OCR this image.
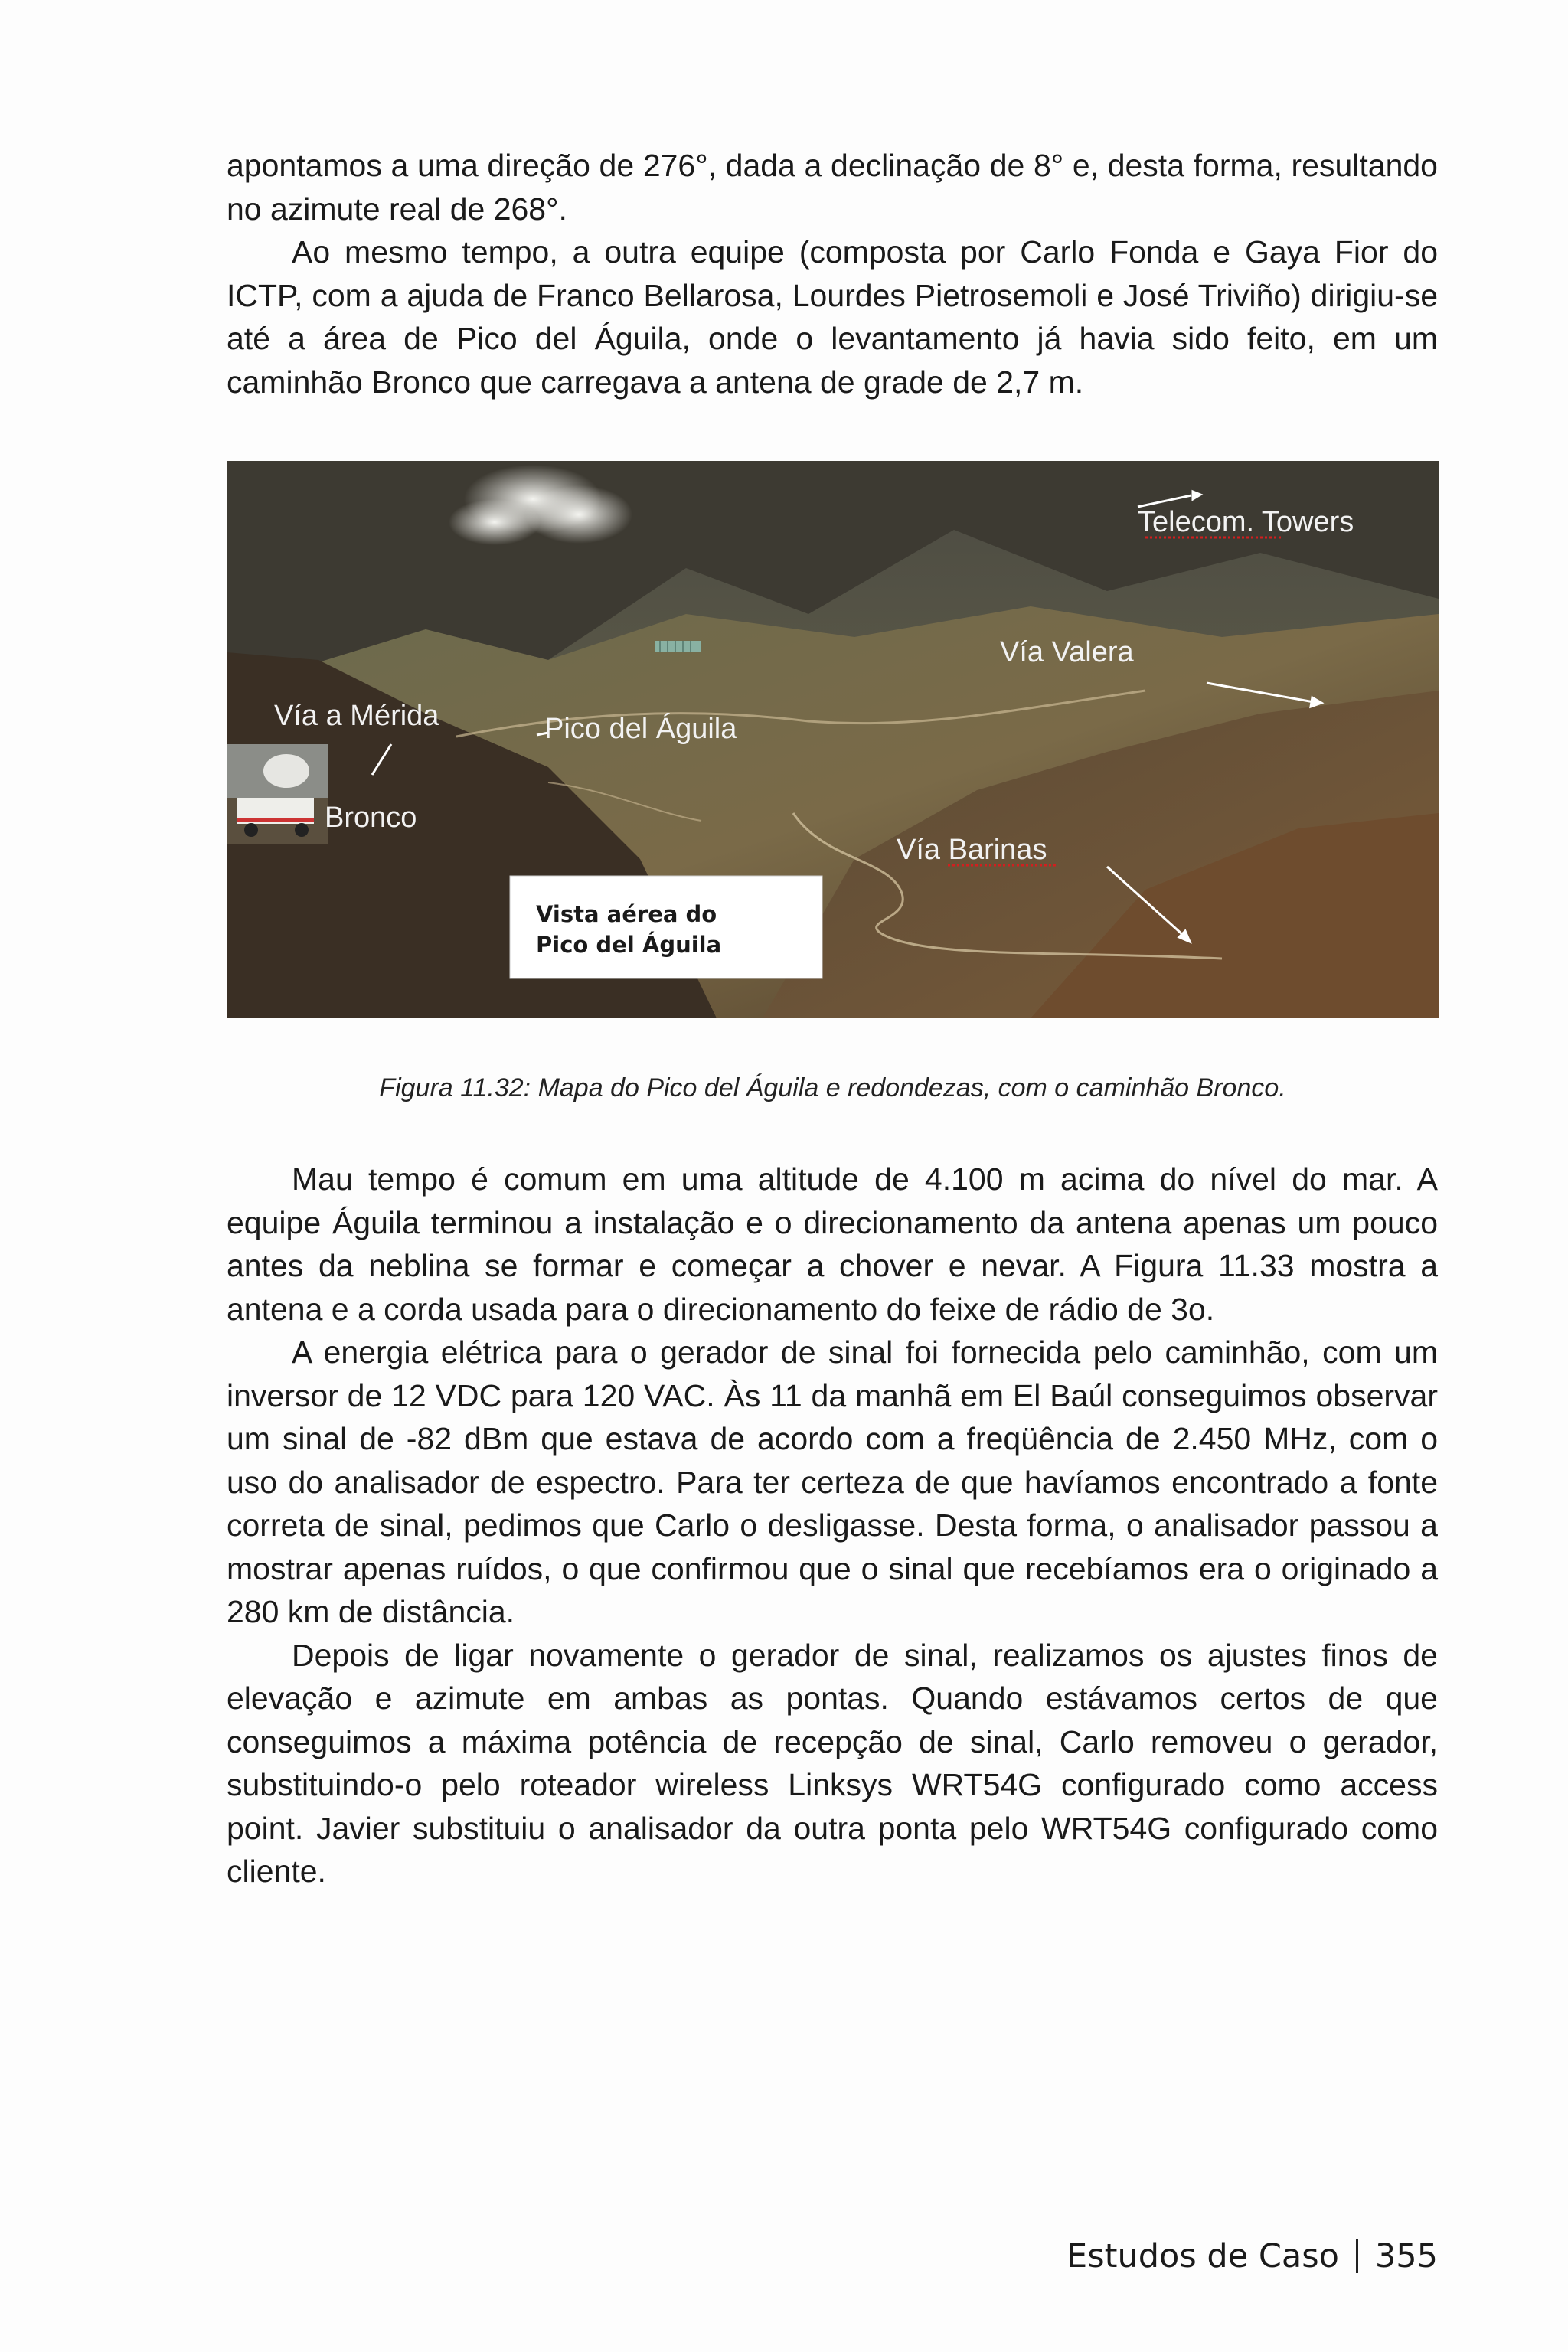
apontamos a uma direção de 276°, dada a declinação de 8° e, desta forma, resultando no azimute real de 268°.

Ao mesmo tempo, a outra equipe (composta por Carlo Fonda e Gaya Fior do ICTP, com a ajuda de Franco Bellarosa, Lourdes Pietrosemoli e José Triviño) dirigiu-se até a área de Pico del Águila, onde o levantamento já havia sido feito, em um caminhão Bronco que carregava a antena de grade de 2,7 m.

Telecom. Towers
Vía Valera
Vía a Mérida	Pico del Águila
Bronco
Vía Barinas
Vista aérea do
Pico del Águila
Figura 11.32: Mapa do Pico del Águila e redondezas, com o caminhão Bronco.

Mau tempo é comum em uma altitude de 4.100 m acima do nível do mar. A equipe Águila terminou a instalação e o direcionamento da antena apenas um pouco antes da neblina se formar e começar a chover e nevar. A Figura 11.33 mostra a antena e a corda usada para o direcionamento do feixe de rádio de 3o.

A energia elétrica para o gerador de sinal foi fornecida pelo caminhão, com um inversor de 12 VDC para 120 VAC. Às 11 da manhã em El Baúl conseguimos observar um sinal de -82 dBm que estava de acordo com a freqüência de 2.450 MHz, com o uso do analisador de espectro. Para ter certeza de que havíamos encontrado a fonte correta de sinal, pedimos que Carlo o desligasse. Desta forma, o analisador passou a mostrar apenas ruídos, o que confirmou que o sinal que recebíamos era o originado a 280 km de distância.

Depois de ligar novamente o gerador de sinal, realizamos os ajustes finos de elevação e azimute em ambas as pontas. Quando estávamos certos de que conseguimos a máxima potência de recepção de sinal, Carlo removeu o gerador, substituindo-o pelo roteador wireless Linksys WRT54G configurado como access point. Javier substituiu o analisador da outra ponta pelo WRT54G configurado como cliente.

Estudos de Caso 355
